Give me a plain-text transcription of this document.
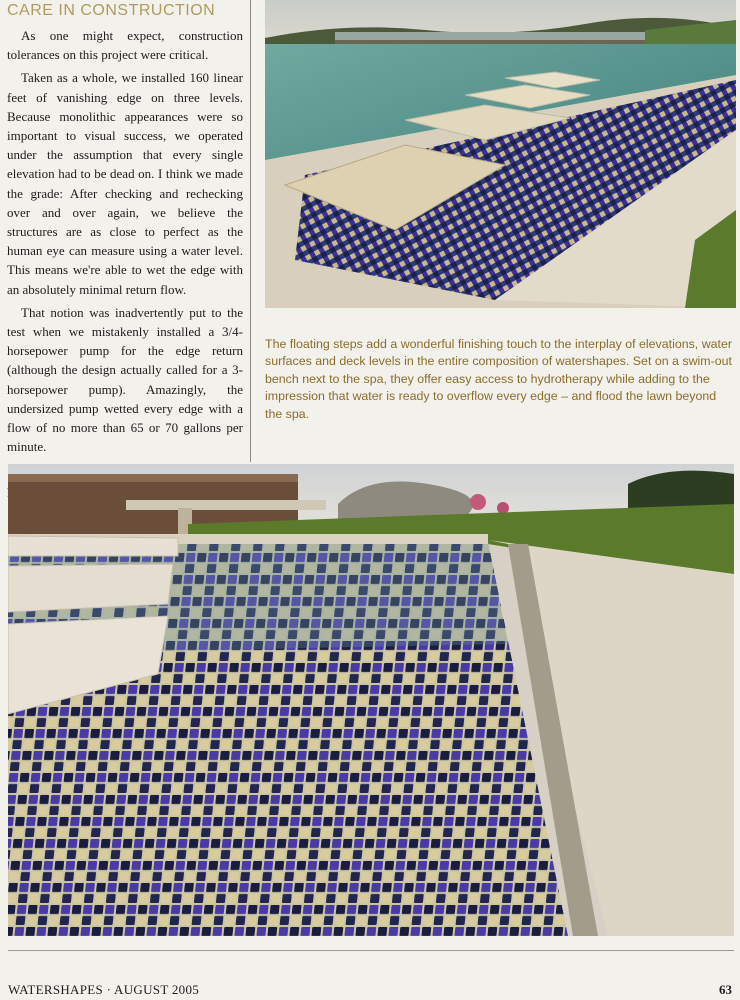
CARE IN CONSTRUCTION

As one might expect, construction tolerances on this project were critical.

Taken as a whole, we installed 160 linear feet of vanishing edge on three levels. Because monolithic appearances were so important to visual success, we operated under the assumption that every single elevation had to be dead on. I think we made the grade: After checking and rechecking over and over again, we believe the structures are as close to perfect as the human eye can measure using a water level. This means we're able to wet the edge with an absolutely minimal return flow.

That notion was inadvertently put to the test when we mistakenly installed a 3/4-horsepower pump for the edge return (although the design actually called for a 3-horsepower pump). Amazingly, the undersized pump wetted every edge with a flow of no more than 65 or 70 gallons per minute.

The floating steps add a wonderful finishing touch to the interplay of elevations, water surfaces and deck levels in the entire composition of watershapes. Set on a swim-out bench next to the spa, they offer easy access to hydrotherapy while adding to the impression that water is ready to overflow every edge – and flood the lawn beyond the spa.
WATERSHAPES · AUGUST 2005	63
